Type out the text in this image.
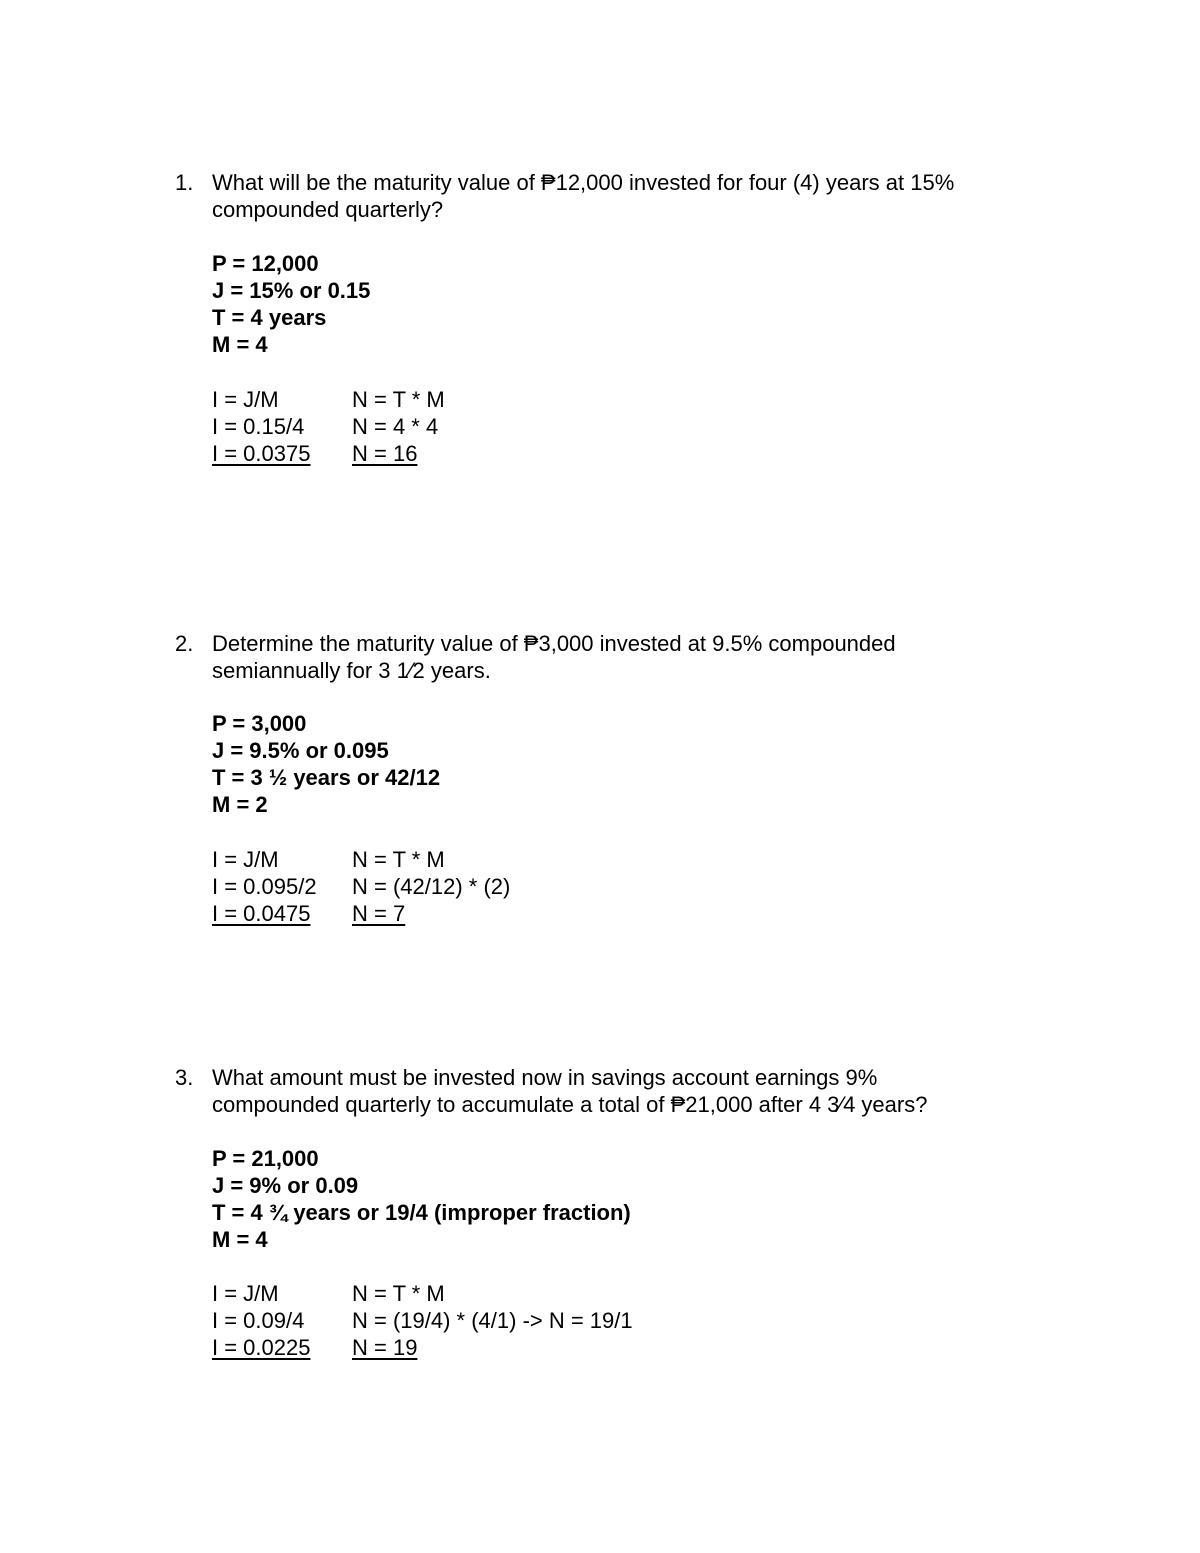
1. What will be the maturity value of ₱12,000 invested for four (4) years at 15%
compounded quarterly?
P = 12,000
J = 15% or 0.15
T = 4 years
M = 4
I = J/M
I = 0.15/4
I = 0.0375
N = T * M
N = 4 * 4
N = 16
2. Determine the maturity value of ₱3,000 invested at 9.5% compounded
semiannually for 3 1⁄2 years.
P = 3,000
J = 9.5% or 0.095
T = 3 ½ years or 42/12
M = 2
I = J/M
I = 0.095/2
I = 0.0475
N = T * M
N = (42/12) * (2)
N = 7
3. What amount must be invested now in savings account earnings 9%
compounded quarterly to accumulate a total of ₱21,000 after 4 3⁄4 years?
P = 21,000
J = 9% or 0.09
T = 4 ¾ years or 19/4 (improper fraction)
M = 4
I = J/M
I = 0.09/4
I = 0.0225
N = T * M
N = (19/4) * (4/1) -> N = 19/1
N = 19
